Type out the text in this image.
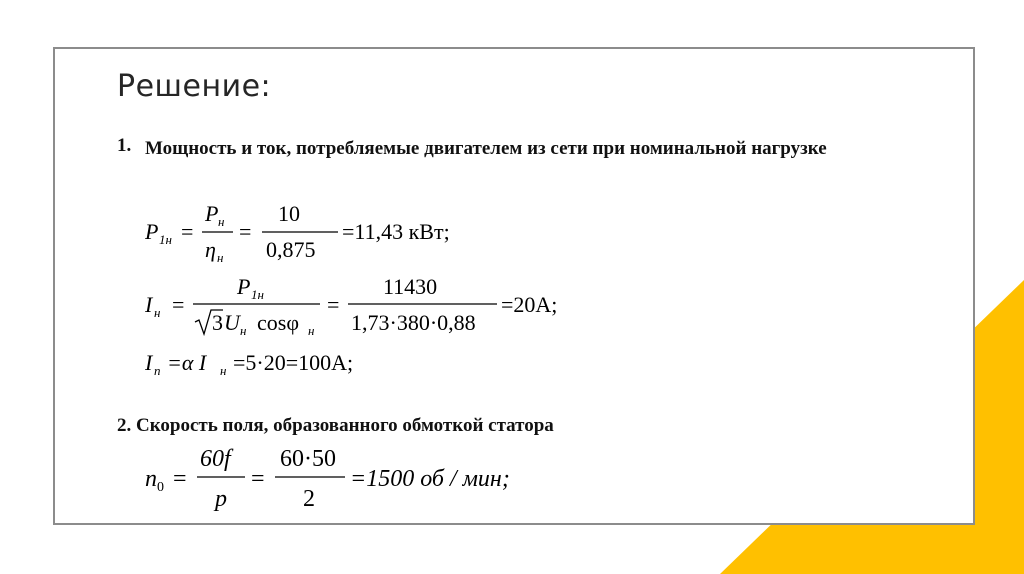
Решение:
1. Мощность и ток, потребляемые двигателем из сети при номинальной нагрузке
P 1н =
P н
η н
=
10
0,875
=11,43 кВт;
I н =
P 1н
3 U н cosφ н
=
11430
1,73·380·0,88
=20A;
I п =α I н =5·20=100A;
2. Скорость поля, образованного обмоткой статора
n 0 =
60f
p
=
60·50
2
=1500 об / мин;
